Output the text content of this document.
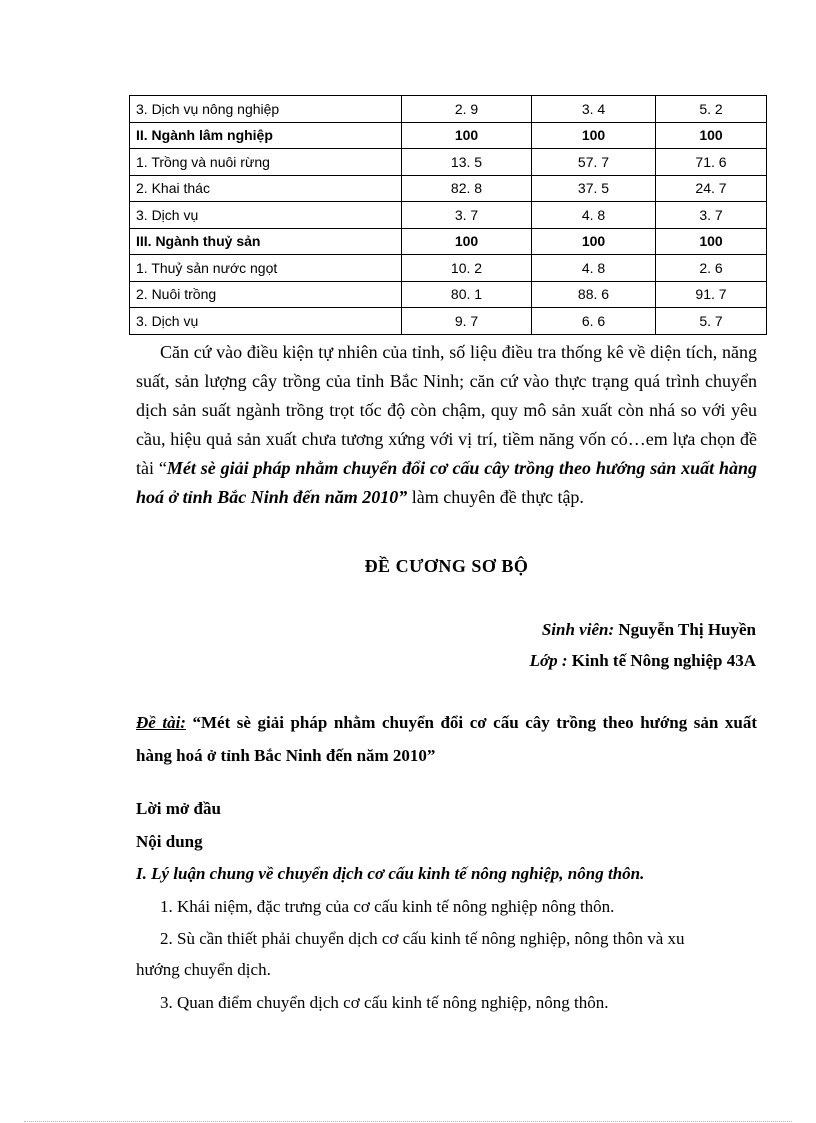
3. Dịch vụ nông nghiệp	2. 9	3. 4	5. 2
II. Ngành lâm nghiệp	100	100	100
1. Trồng và nuôi rừng	13. 5	57. 7	71. 6
2. Khai thác	82. 8	37. 5	24. 7
3. Dịch vụ	3. 7	4. 8	3. 7
III. Ngành thuỷ sản	100	100	100
1. Thuỷ sản nước ngọt	10. 2	4. 8	2. 6
2. Nuôi trồng	80. 1	88. 6	91. 7
3. Dịch vụ	9. 7	6. 6	5. 7

Căn cứ vào điều kiện tự nhiên của tỉnh, số liệu điều tra thống kê về diện tích, năng suất, sản lượng cây trồng của tỉnh Bắc Ninh; căn cứ vào thực trạng quá trình chuyển dịch sản suất ngành trồng trọt tốc độ còn chậm, quy mô sản xuất còn nhá so với yêu cầu, hiệu quả sản xuất chưa tương xứng với vị trí, tiềm năng vốn có…em lựa chọn đề tài “Mét sè giải pháp nhằm chuyển đổi cơ cấu cây trồng theo hướng sản xuất hàng hoá ở tỉnh Bắc Ninh đến năm 2010” làm chuyên đề thực tập.

ĐỀ CƯƠNG SƠ BỘ
Sinh viên: Nguyễn Thị Huyền
Lớp : Kinh tế Nông nghiệp 43A

Đề tài: “Mét sè giải pháp nhằm chuyển đổi cơ cấu cây trồng theo hướng sản xuất hàng hoá ở tỉnh Bắc Ninh đến năm 2010”

Lời mở đầu
Nội dung
I. Lý luận chung về chuyển dịch cơ cấu kinh tế nông nghiệp, nông thôn.
1. Khái niệm, đặc trưng của cơ cấu kinh tế nông nghiệp nông thôn.
2. Sù cần thiết phải chuyển dịch cơ cấu kinh tế nông nghiệp, nông thôn và xu
hướng chuyển dịch.
3. Quan điểm chuyển dịch cơ cấu kinh tế nông nghiệp, nông thôn.
